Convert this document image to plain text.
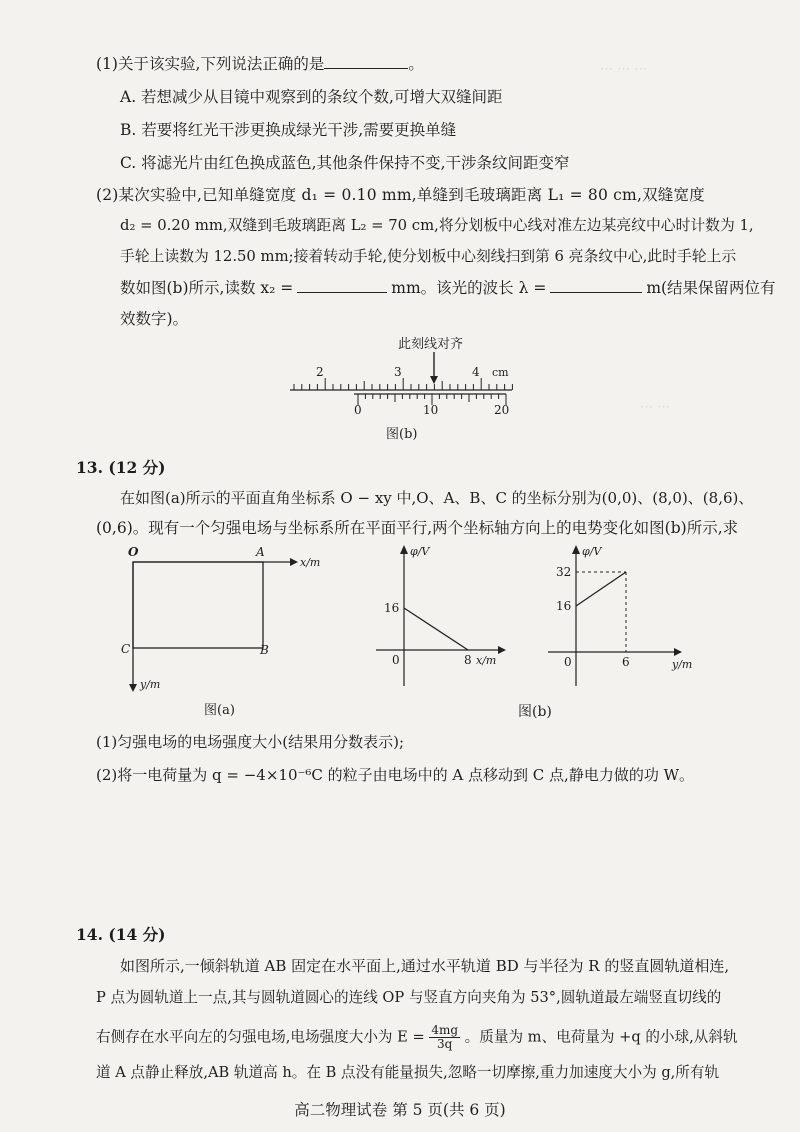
⋯ ⋯ ⋯
⋯ ⋯
(1)关于该实验,下列说法正确的是	。
A. 若想减少从目镜中观察到的条纹个数,可增大双缝间距
B. 若要将红光干涉更换成绿光干涉,需要更换单缝
C. 将滤光片由红色换成蓝色,其他条件保持不变,干涉条纹间距变窄
(2)某次实验中,已知单缝宽度 d₁ = 0.10 mm,单缝到毛玻璃距离 L₁ = 80 cm,双缝宽度
d₂ = 0.20 mm,双缝到毛玻璃距离 L₂ = 70 cm,将分划板中心线对准左边某亮纹中心时计数为 1,
手轮上读数为 12.50 mm;接着转动手轮,使分划板中心刻线扫到第 6 亮条纹中心,此时手轮上示
数如图(b)所示,读数 x₂ =	mm。该光的波长 λ =	m(结果保留两位有
效数字)。
此刻线对齐
2	3	4 cm
0	10	20
图(b)
13. (12 分)
在如图(a)所示的平面直角坐标系 O − xy 中,O、A、B、C 的坐标分别为(0,0)、(8,0)、(8,6)、
(0,6)。现有一个匀强电场与坐标系所在平面平行,两个坐标轴方向上的电势变化如图(b)所示,求
O	A
B
C
x/m
y/m
图(a)
φ/V
16
0	8 x/m
φ/V
32
16
0	6	y/m
图(b)
(1)匀强电场的电场强度大小(结果用分数表示);
(2)将一电荷量为 q = −4×10⁻⁶C 的粒子由电场中的 A 点移动到 C 点,静电力做的功 W。
14. (14 分)
如图所示,一倾斜轨道 AB 固定在水平面上,通过水平轨道 BD 与半径为 R 的竖直圆轨道相连,
P 点为圆轨道上一点,其与圆轨道圆心的连线 OP 与竖直方向夹角为 53°,圆轨道最左端竖直切线的
右侧存在水平向左的匀强电场,电场强度大小为 $E = \frac{4mg}{3q}$ 。质量为 m、电荷量为 +q 的小球,从斜轨
道 A 点静止释放,AB 轨道高 h。在 B 点没有能量损失,忽略一切摩擦,重力加速度大小为 g,所有轨
高二物理试卷 第 5 页(共 6 页)
